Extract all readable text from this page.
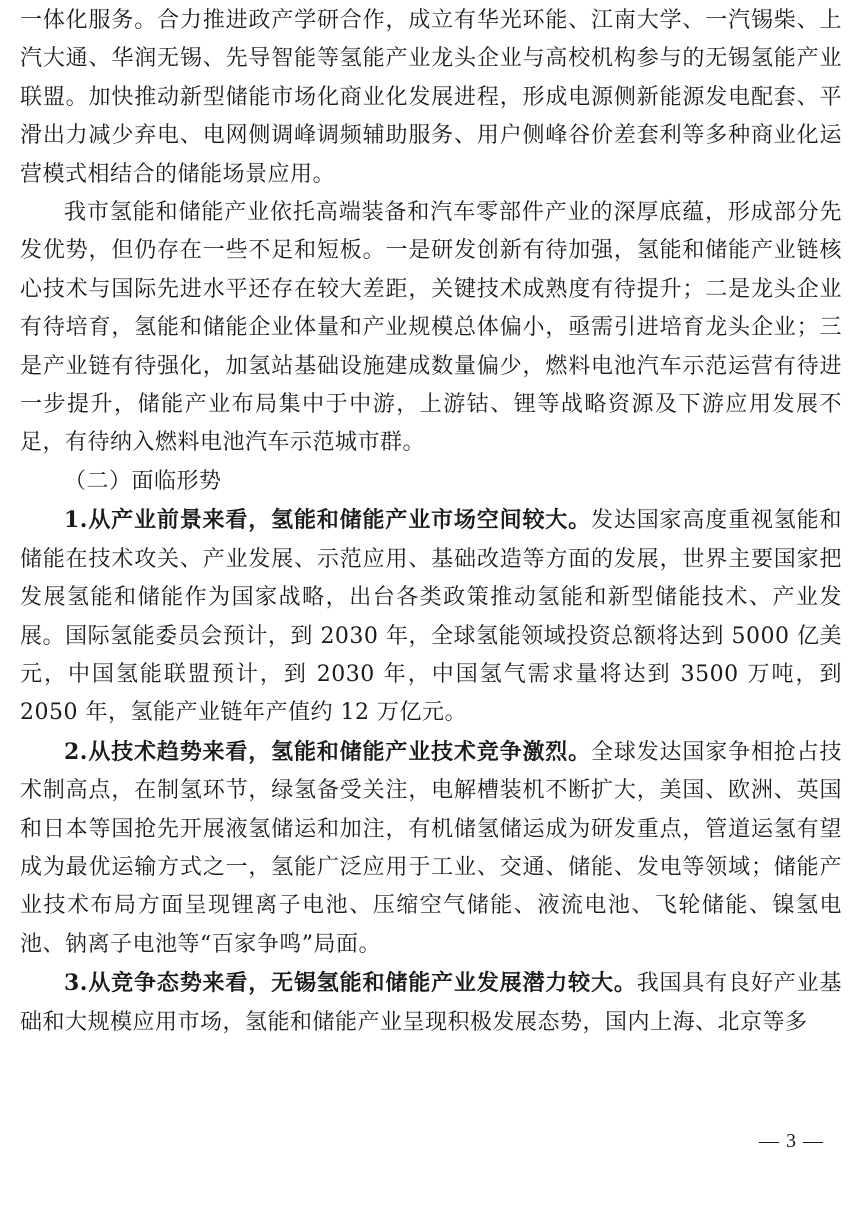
一体化服务。合力推进政产学研合作，成立有华光环能、江南大学、一汽锡柴、上汽大通、华润无锡、先导智能等氢能产业龙头企业与高校机构参与的无锡氢能产业联盟。加快推动新型储能市场化商业化发展进程，形成电源侧新能源发电配套、平滑出力减少弃电、电网侧调峰调频辅助服务、用户侧峰谷价差套利等多种商业化运营模式相结合的储能场景应用。

我市氢能和储能产业依托高端装备和汽车零部件产业的深厚底蕴，形成部分先发优势，但仍存在一些不足和短板。一是研发创新有待加强，氢能和储能产业链核心技术与国际先进水平还存在较大差距，关键技术成熟度有待提升；二是龙头企业有待培育，氢能和储能企业体量和产业规模总体偏小，亟需引进培育龙头企业；三是产业链有待强化，加氢站基础设施建成数量偏少，燃料电池汽车示范运营有待进一步提升，储能产业布局集中于中游，上游钴、锂等战略资源及下游应用发展不足，有待纳入燃料电池汽车示范城市群。

（二）面临形势

1.从产业前景来看，氢能和储能产业市场空间较大。发达国家高度重视氢能和储能在技术攻关、产业发展、示范应用、基础改造等方面的发展，世界主要国家把发展氢能和储能作为国家战略，出台各类政策推动氢能和新型储能技术、产业发展。国际氢能委员会预计，到 2030 年，全球氢能领域投资总额将达到 5000 亿美元，中国氢能联盟预计，到 2030 年，中国氢气需求量将达到 3500 万吨，到 2050 年，氢能产业链年产值约 12 万亿元。

2.从技术趋势来看，氢能和储能产业技术竞争激烈。全球发达国家争相抢占技术制高点，在制氢环节，绿氢备受关注，电解槽装机不断扩大，美国、欧洲、英国和日本等国抢先开展液氢储运和加注，有机储氢储运成为研发重点，管道运氢有望成为最优运输方式之一，氢能广泛应用于工业、交通、储能、发电等领域；储能产业技术布局方面呈现锂离子电池、压缩空气储能、液流电池、飞轮储能、镍氢电池、钠离子电池等“百家争鸣”局面。

3.从竞争态势来看，无锡氢能和储能产业发展潜力较大。我国具有良好产业基础和大规模应用市场，氢能和储能产业呈现积极发展态势，国内上海、北京等多

— 3 —
